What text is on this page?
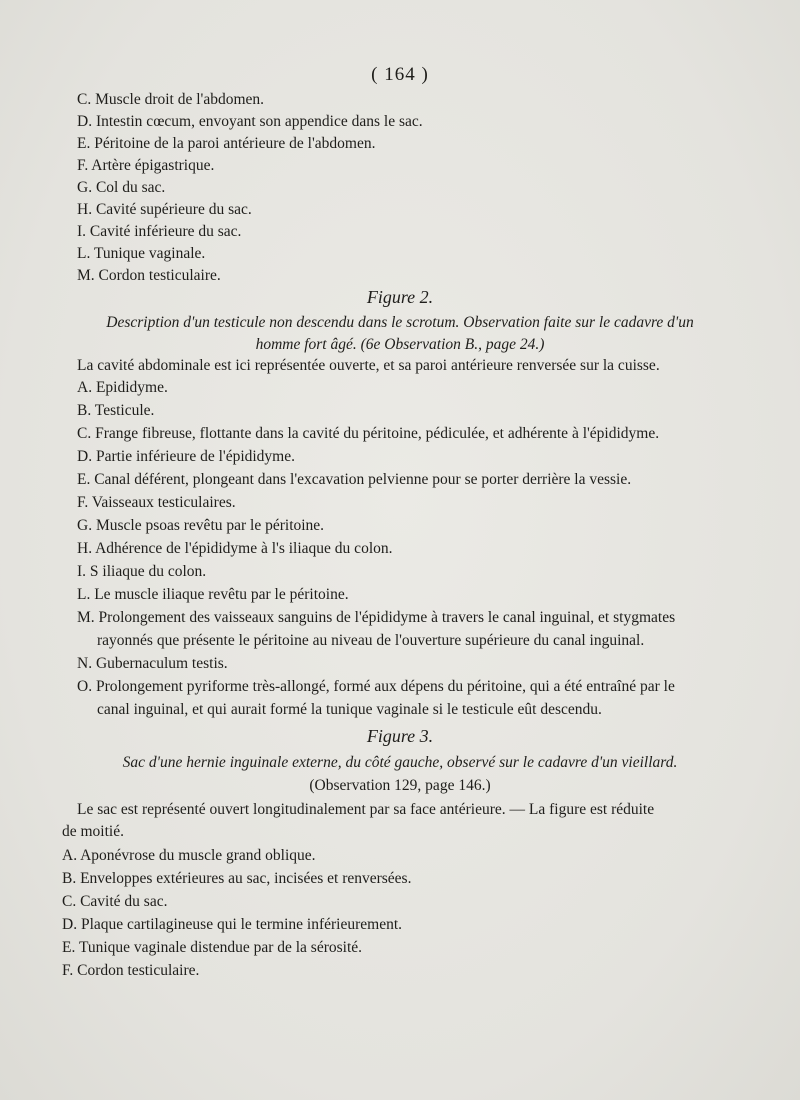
( 164 )
C. Muscle droit de l'abdomen.
D. Intestin cœcum, envoyant son appendice dans le sac.
E. Péritoine de la paroi antérieure de l'abdomen.
F. Artère épigastrique.
G. Col du sac.
H. Cavité supérieure du sac.
I. Cavité inférieure du sac.
L. Tunique vaginale.
M. Cordon testiculaire.
Figure 2.
Description d'un testicule non descendu dans le scrotum. Observation faite sur le cadavre d'un
homme fort âgé. (6e Observation B., page 24.)
La cavité abdominale est ici représentée ouverte, et sa paroi antérieure renversée sur la cuisse.
A. Epididyme.
B. Testicule.
C. Frange fibreuse, flottante dans la cavité du péritoine, pédiculée, et adhérente à l'épididyme.
D. Partie inférieure de l'épididyme.
E. Canal déférent, plongeant dans l'excavation pelvienne pour se porter derrière la vessie.
F. Vaisseaux testiculaires.
G. Muscle psoas revêtu par le péritoine.
H. Adhérence de l'épididyme à l's iliaque du colon.
I. S iliaque du colon.
L. Le muscle iliaque revêtu par le péritoine.
M. Prolongement des vaisseaux sanguins de l'épididyme à travers le canal inguinal, et stygmates
rayonnés que présente le péritoine au niveau de l'ouverture supérieure du canal inguinal.
N. Gubernaculum testis.
O. Prolongement pyriforme très-allongé, formé aux dépens du péritoine, qui a été entraîné par le
canal inguinal, et qui aurait formé la tunique vaginale si le testicule eût descendu.
Figure 3.
Sac d'une hernie inguinale externe, du côté gauche, observé sur le cadavre d'un vieillard.
(Observation 129, page 146.)
Le sac est représenté ouvert longitudinalement par sa face antérieure. — La figure est réduite
de moitié.
A. Aponévrose du muscle grand oblique.
B. Enveloppes extérieures au sac, incisées et renversées.
C. Cavité du sac.
D. Plaque cartilagineuse qui le termine inférieurement.
E. Tunique vaginale distendue par de la sérosité.
F. Cordon testiculaire.
